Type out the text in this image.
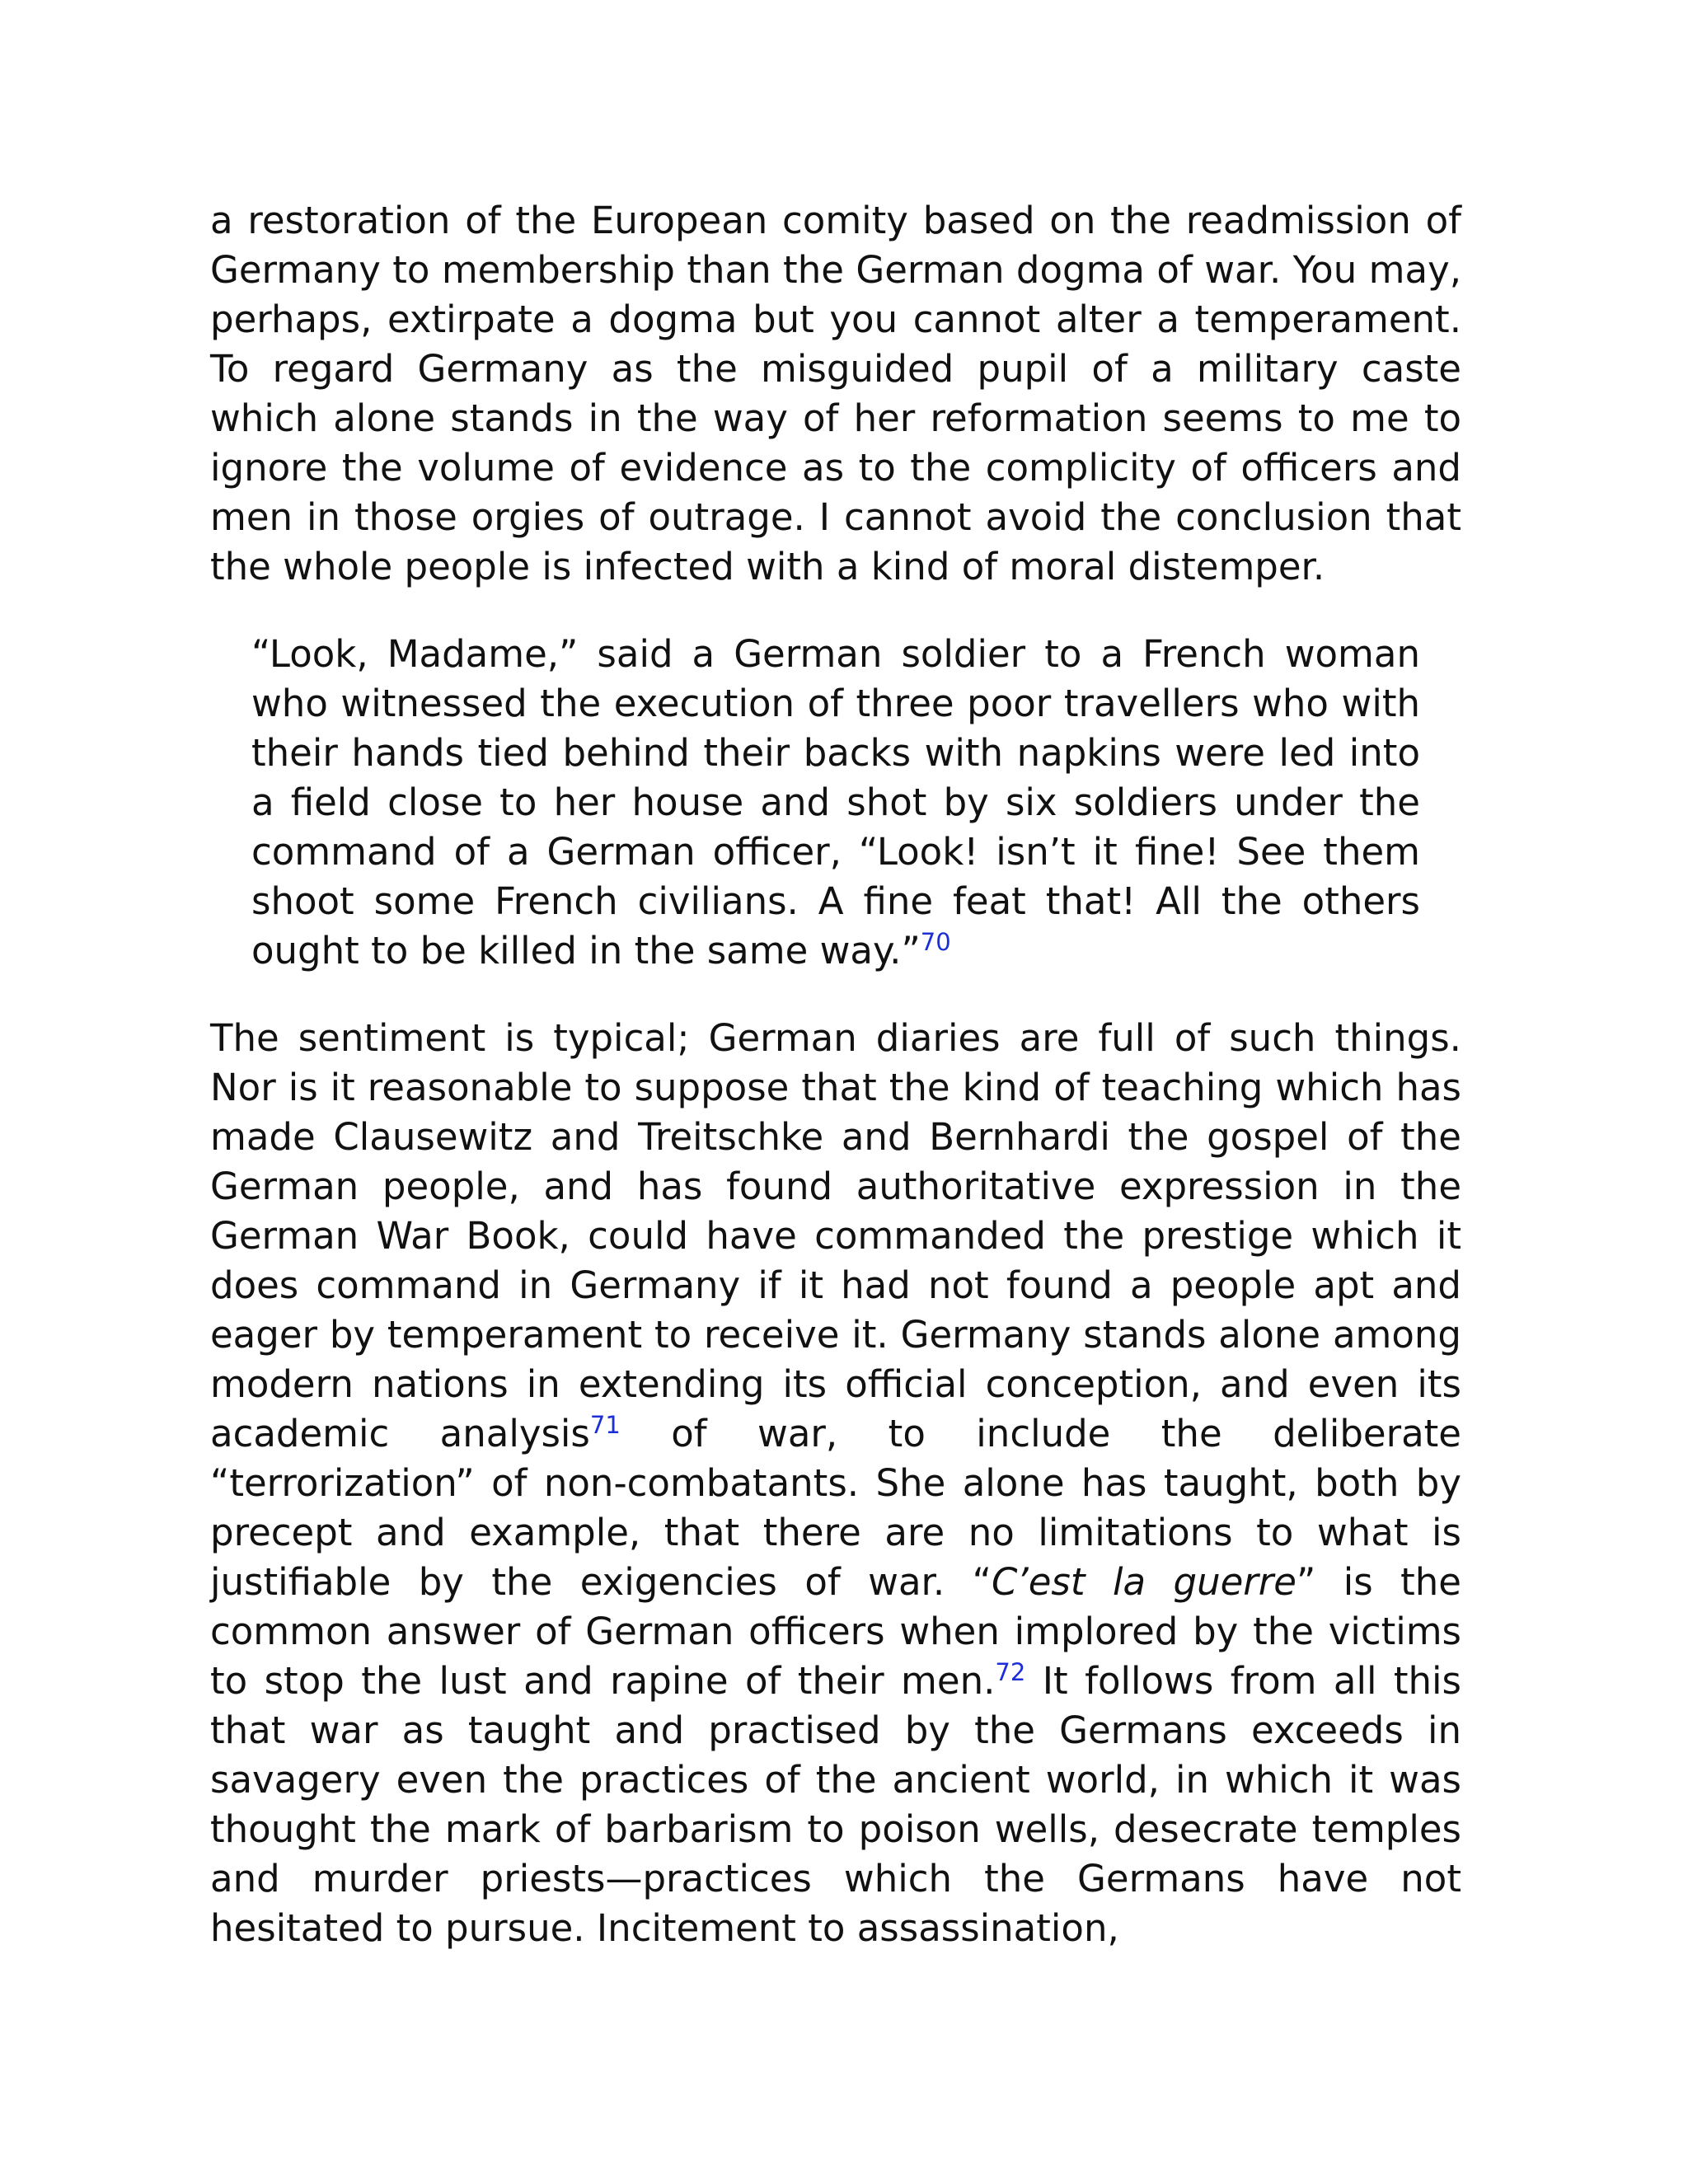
a restoration of the European comity based on the readmission of Germany to membership than the German dogma of war. You may, perhaps, extirpate a dogma but you cannot alter a temperament. To regard Germany as the misguided pupil of a military caste which alone stands in the way of her reformation seems to me to ignore the volume of evidence as to the complicity of officers and men in those orgies of outrage. I cannot avoid the conclusion that the whole people is infected with a kind of moral distemper.

“Look, Madame,” said a German soldier to a French woman who witnessed the execution of three poor travellers who with their hands tied behind their backs with napkins were led into a field close to her house and shot by six soldiers under the command of a German officer, “Look! isn’t it fine! See them shoot some French civilians. A fine feat that! All the others ought to be killed in the same way.”$^{70}$

The sentiment is typical; German diaries are full of such things. Nor is it reasonable to suppose that the kind of teaching which has made Clausewitz and Treitschke and Bernhardi the gospel of the German people, and has found authoritative expression in the German War Book, could have commanded the prestige which it does command in Germany if it had not found a people apt and eager by temperament to receive it. Germany stands alone among modern nations in extending its official conception, and even its academic analysis$^{71}$ of war, to include the deliberate “terrorization” of non-combatants. She alone has taught, both by precept and example, that there are no limitations to what is justifiable by the exigencies of war. “C’est la guerre” is the common answer of German officers when implored by the victims to stop the lust and rapine of their men.$^{72}$ It follows from all this that war as taught and practised by the Germans exceeds in savagery even the practices of the ancient world, in which it was thought the mark of barbarism to poison wells, desecrate temples and murder priests—practices which the Germans have not hesitated to pursue. Incitement to assassination,
